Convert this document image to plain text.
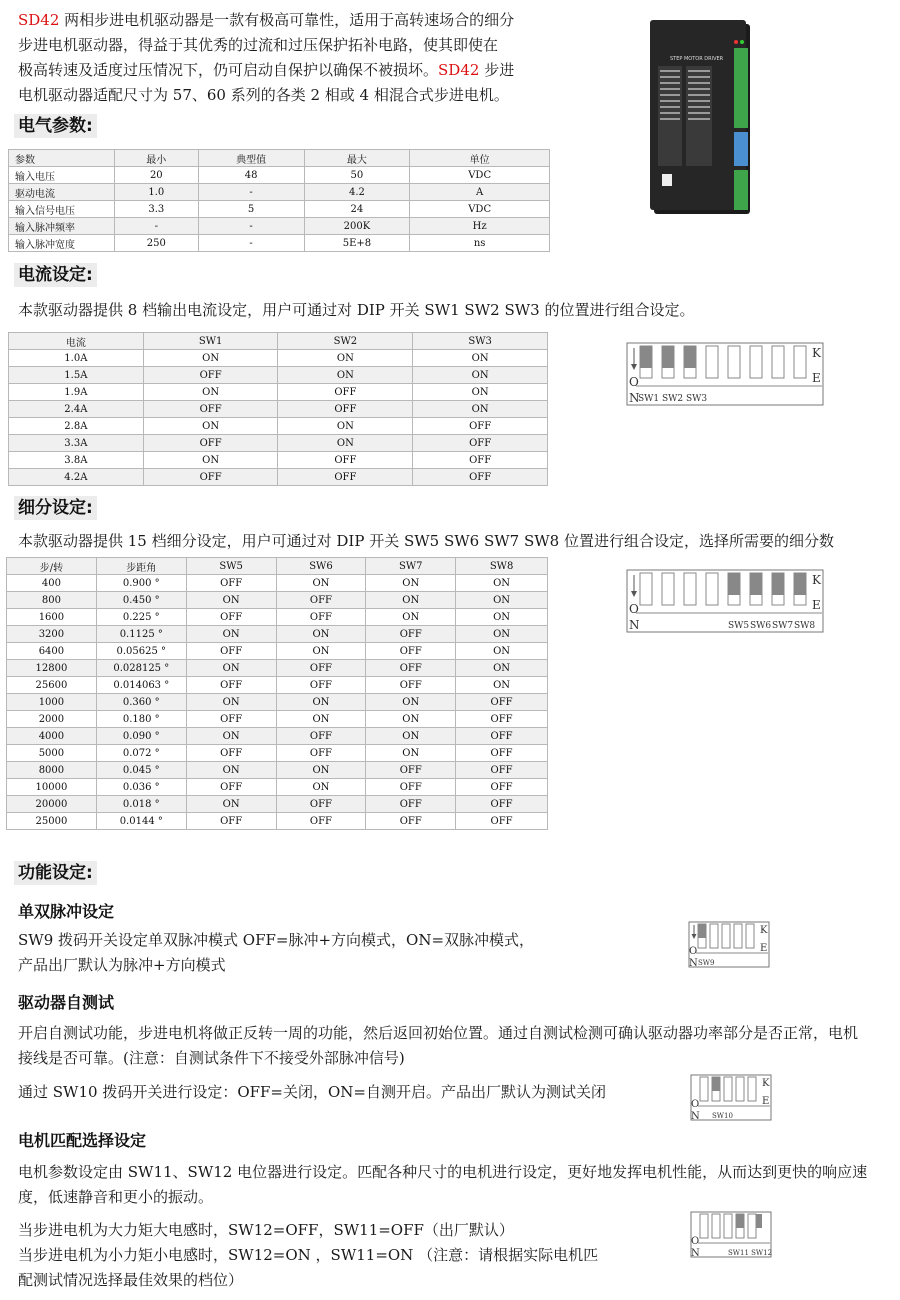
SD42 两相步进电机驱动器是一款有极高可靠性，适用于高转速场合的细分
步进电机驱动器，得益于其优秀的过流和过压保护拓补电路，使其即使在
极高转速及适度过压情况下，仍可启动自保护以确保不被损坏。SD42 步进
电机驱动器适配尺寸为 57、60 系列的各类 2 相或 4 相混合式步进电机。
STEP MOTOR DRIVER
电气参数:
参数	最小	典型值	最大	单位
输入电压	20	48	50	VDC
驱动电流	1.0	-	4.2	A
输入信号电压	3.3	5	24	VDC
输入脉冲频率	-	-	200K	Hz
输入脉冲宽度	250	-	5E+8	ns
电流设定:
本款驱动器提供 8 档输出电流设定，用户可通过对 DIP 开关 SW1 SW2 SW3 的位置进行组合设定。
电流	SW1	SW2	SW3
1.0A	ON	ON	ON
1.5A	OFF	ON	ON
1.9A	ON	OFF	ON
2.4A	OFF	OFF	ON
2.8A	ON	ON	OFF
3.3A	OFF	ON	OFF
3.8A	ON	OFF	OFF
4.2A	OFF	OFF	OFF
K
E
O
N
SW1 SW2 SW3
细分设定:
本款驱动器提供 15 档细分设定，用户可通过对 DIP 开关 SW5 SW6 SW7 SW8 位置进行组合设定，选择所需要的细分数
步/转	步距角	SW5	SW6	SW7	SW8
400	0.900 °	OFF	ON	ON	ON
800	0.450 °	ON	OFF	ON	ON
1600	0.225 °	OFF	OFF	ON	ON
3200	0.1125 °	ON	ON	OFF	ON
6400	0.05625 °	OFF	ON	OFF	ON
12800	0.028125 °	ON	OFF	OFF	ON
25600	0.014063 °	OFF	OFF	OFF	ON
1000	0.360 °	ON	ON	ON	OFF
2000	0.180 °	OFF	ON	ON	OFF
4000	0.090 °	ON	OFF	ON	OFF
5000	0.072 °	OFF	OFF	ON	OFF
8000	0.045 °	ON	ON	OFF	OFF
10000	0.036 °	OFF	ON	OFF	OFF
20000	0.018 °	ON	OFF	OFF	OFF
25000	0.0144 °	OFF	OFF	OFF	OFF
K
E
O
N	SW5 SW6 SW7 SW8
功能设定:
单双脉冲设定
SW9 拨码开关设定单双脉冲模式 OFF=脉冲+方向模式，ON=双脉冲模式，
产品出厂默认为脉冲+方向模式
K
E
O
N SW9
驱动器自测试
开启自测试功能，步进电机将做正反转一周的功能，然后返回初始位置。通过自测试检测可确认驱动器功率部分是否正常，电机
接线是否可靠。(注意：自测试条件下不接受外部脉冲信号)
通过 SW10 拨码开关进行设定：OFF=关闭，ON=自测开启。产品出厂默认为测试关闭	K
E
O
N SW10
电机匹配选择设定
电机参数设定由 SW11、SW12 电位器进行设定。匹配各种尺寸的电机进行设定，更好地发挥电机性能，从而达到更快的响应速
度，低速静音和更小的振动。
当步进电机为大力矩大电感时，SW12=OFF，SW11=OFF（出厂默认）
当步进电机为小力矩小电感时，SW12=ON ，SW11=ON （注意：请根据实际电机匹
配测试情况选择最佳效果的档位）
O
N	SW11 SW12
